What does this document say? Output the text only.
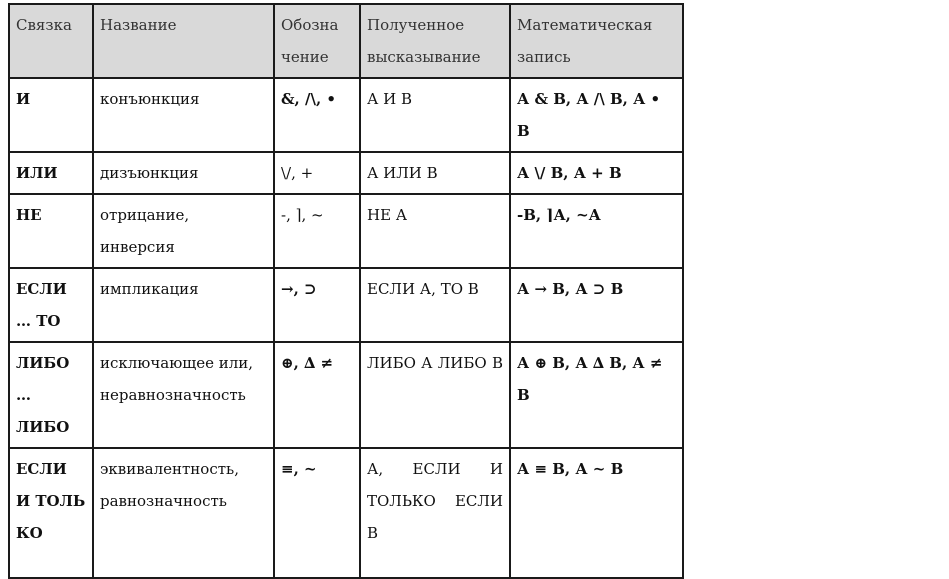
Связка	Название	Обозна чение	Полученное высказывание	Математическая запись
И	конъюнкция	&, /\, •	А И В	А & В, А /\ В, А • В
ИЛИ	дизъюнкция	\/, +	А ИЛИ В	А \/ В, А + В
НЕ	отрицание, инверсия	-, ⌉, ~	НЕ А	-В, ⌉А, ~А
ЕСЛИ … ТО	импликация	→, ⊃	ЕСЛИ А, ТО В	А → В, А ⊃ В
ЛИБО … ЛИБО	исключающее или, неравнозначность	⊕, ∆ ≠	ЛИБО А ЛИБО В	А ⊕ В, А ∆ В, А ≠ В
ЕСЛИ И ТОЛЬ КО	эквивалентность, равнозначность	≡, ~	А, ЕСЛИ И ТОЛЬКО ЕСЛИ В	А ≡ В, А ~ В
